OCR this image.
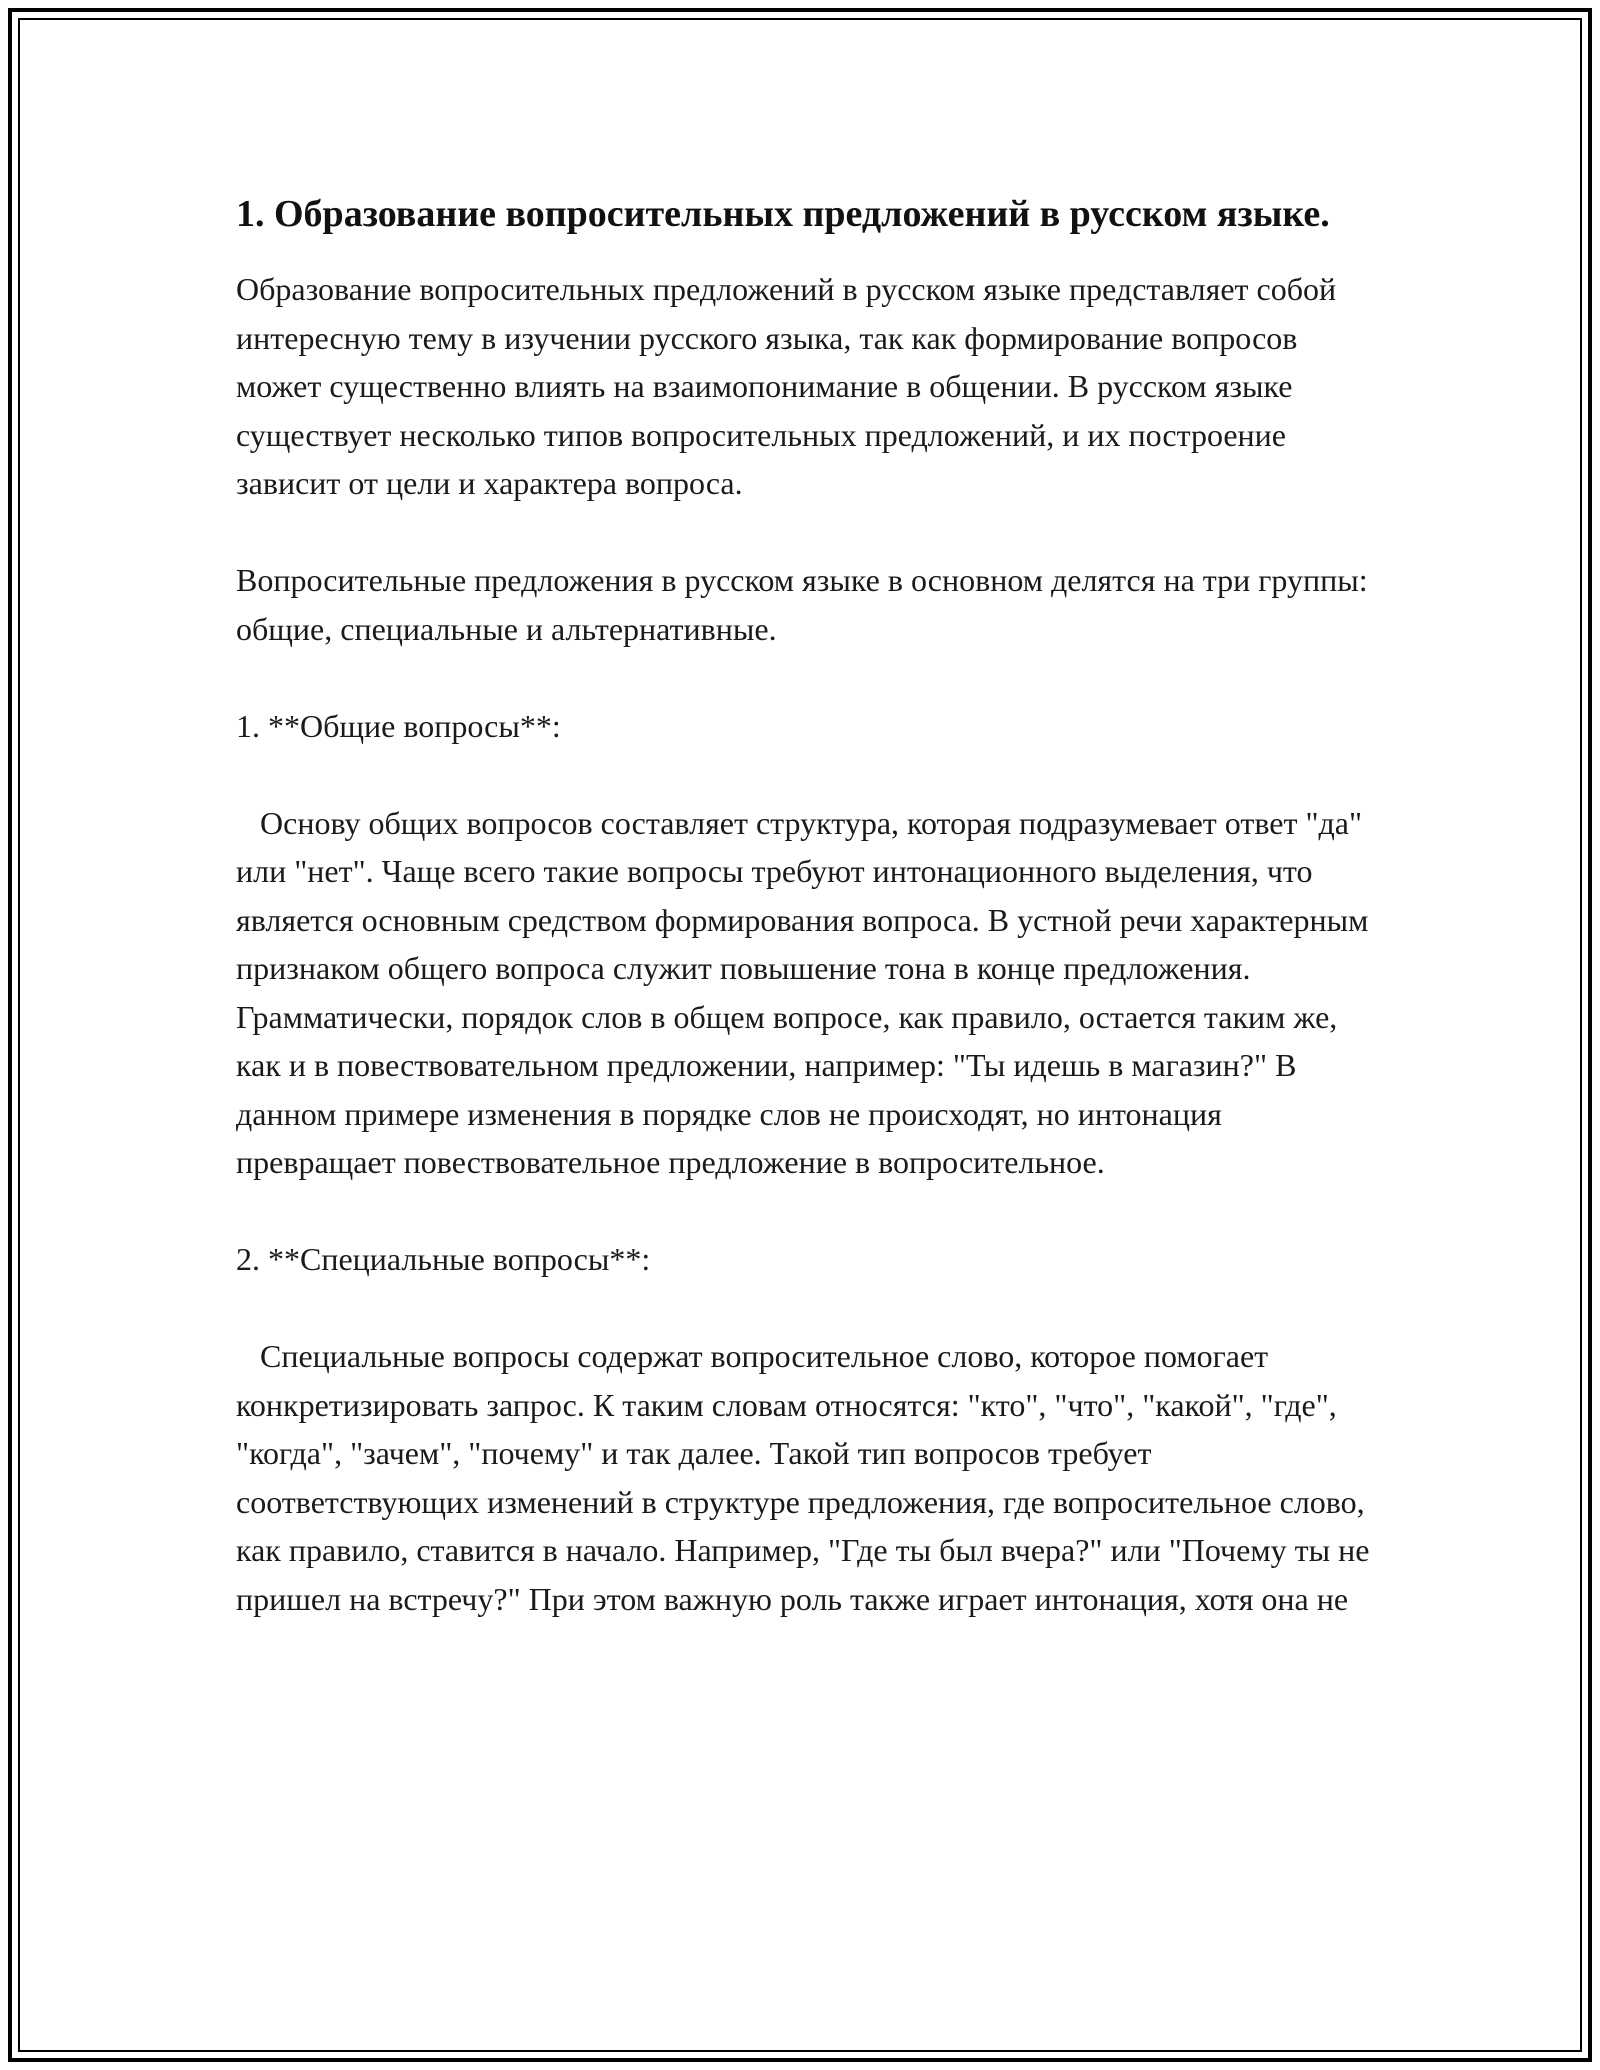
1. Образование вопросительных предложений в русском языке.

Образование вопросительных предложений в русском языке представляет собой интересную тему в изучении русского языка, так как формирование вопросов может существенно влиять на взаимопонимание в общении. В русском языке существует несколько типов вопросительных предложений, и их построение зависит от цели и характера вопроса.

Вопросительные предложения в русском языке в основном делятся на три группы: общие, специальные и альтернативные.

1. **Общие вопросы**:

Основу общих вопросов составляет структура, которая подразумевает ответ "да" или "нет". Чаще всего такие вопросы требуют интонационного выделения, что является основным средством формирования вопроса. В устной речи характерным признаком общего вопроса служит повышение тона в конце предложения. Грамматически, порядок слов в общем вопросе, как правило, остается таким же, как и в повествовательном предложении, например: "Ты идешь в магазин?" В данном примере изменения в порядке слов не происходят, но интонация превращает повествовательное предложение в вопросительное.

2. **Специальные вопросы**:

Специальные вопросы содержат вопросительное слово, которое помогает конкретизировать запрос. К таким словам относятся: "кто", "что", "какой", "где", "когда", "зачем", "почему" и так далее. Такой тип вопросов требует соответствующих изменений в структуре предложения, где вопросительное слово, как правило, ставится в начало. Например, "Где ты был вчера?" или "Почему ты не пришел на встречу?" При этом важную роль также играет интонация, хотя она не
